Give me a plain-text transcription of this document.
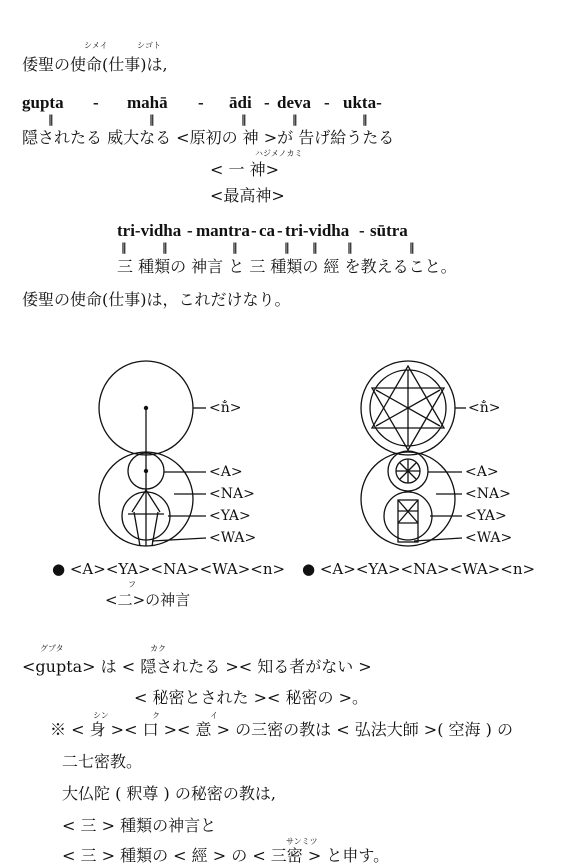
シメイ	シゴト
倭聖の使命(仕事)は,
gupta - mahā - ādi - deva - ukta-
‖	‖	‖	‖	‖
隠されたる 威大なる <原初の 神 >が 告げ給うたる
ハジメノカミ
< 一 神>
<最高神>
tri-vidha - mantra - ca - tri-vidha - sūtra
‖	‖	‖	‖ ‖	‖	‖
三 種類の 神言 と 三 種類の 經 を教えること。
倭聖の使命(仕事)は，これだけなり。
<n̐>
<A>
<NA>
<YA>
<WA>
<n̐>
<A>
<NA>
<YA>
<WA>
● <A><YA><NA><WA><n> ● <A><YA><NA><WA><n>
フ
<二>の神言
グプタ	カク
<gupta> は < 隠されたる >< 知る者がない >
< 秘密とされた >< 秘密の >。
シン	ク	イ
※ < 身 >< 口 >< 意 > の三密の教は < 弘法大師 >( 空海 ) の
二七密教。
大仏陀 ( 釈尊 ) の秘密の教は,
< 三 > 種類の神言と
サンミツ
< 三 > 種類の < 經 > の < 三密 > と申す。
